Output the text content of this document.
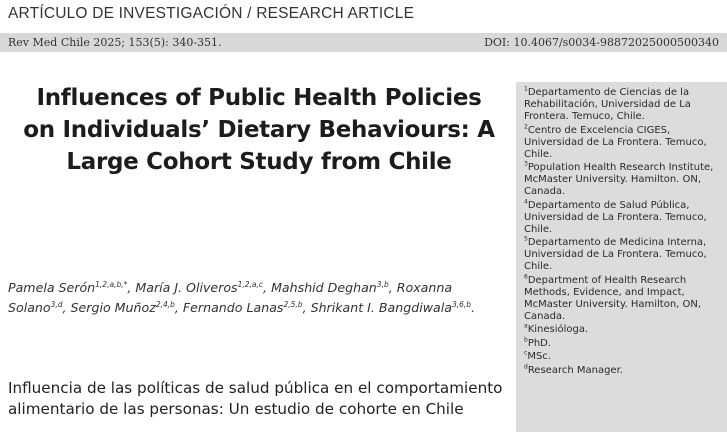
ARTÍCULO DE INVESTIGACIÓN / RESEARCH ARTICLE
Rev Med Chile 2025; 153(5): 340-351.	DOI: 10.4067/s0034-98872025000500340
Influences of Public Health Policies
on Individuals’ Dietary Behaviours: A
Large Cohort Study from Chile
Pamela Serón$^{1,2,a,b,*}$, María J. Oliveros$^{1,2,a,c}$, Mahshid Deghan$^{3,b}$, Roxanna
Solano$^{3,d}$, Sergio Muñoz$^{2,4,b}$, Fernando Lanas$^{2,5,b}$, Shrikant I. Bangdiwala$^{3,6,b}$.
Influencia de las políticas de salud pública en el comportamiento
alimentario de las personas: Un estudio de cohorte en Chile
$^1$Departamento de Ciencias de la
Rehabilitación, Universidad de La
Frontera. Temuco, Chile.
$^2$Centro de Excelencia CIGES,
Universidad de La Frontera. Temuco,
Chile.
$^3$Population Health Research Institute,
McMaster University. Hamilton. ON,
Canada.
$^4$Departamento de Salud Pública,
Universidad de La Frontera. Temuco,
Chile.
$^5$Departamento de Medicina Interna,
Universidad de La Frontera. Temuco,
Chile.
$^6$Department of Health Research
Methods, Evidence, and Impact,
McMaster University. Hamilton, ON,
Canada.
$^a$Kinesióloga.
$^b$PhD.
$^c$MSc.
$^d$Research Manager.
